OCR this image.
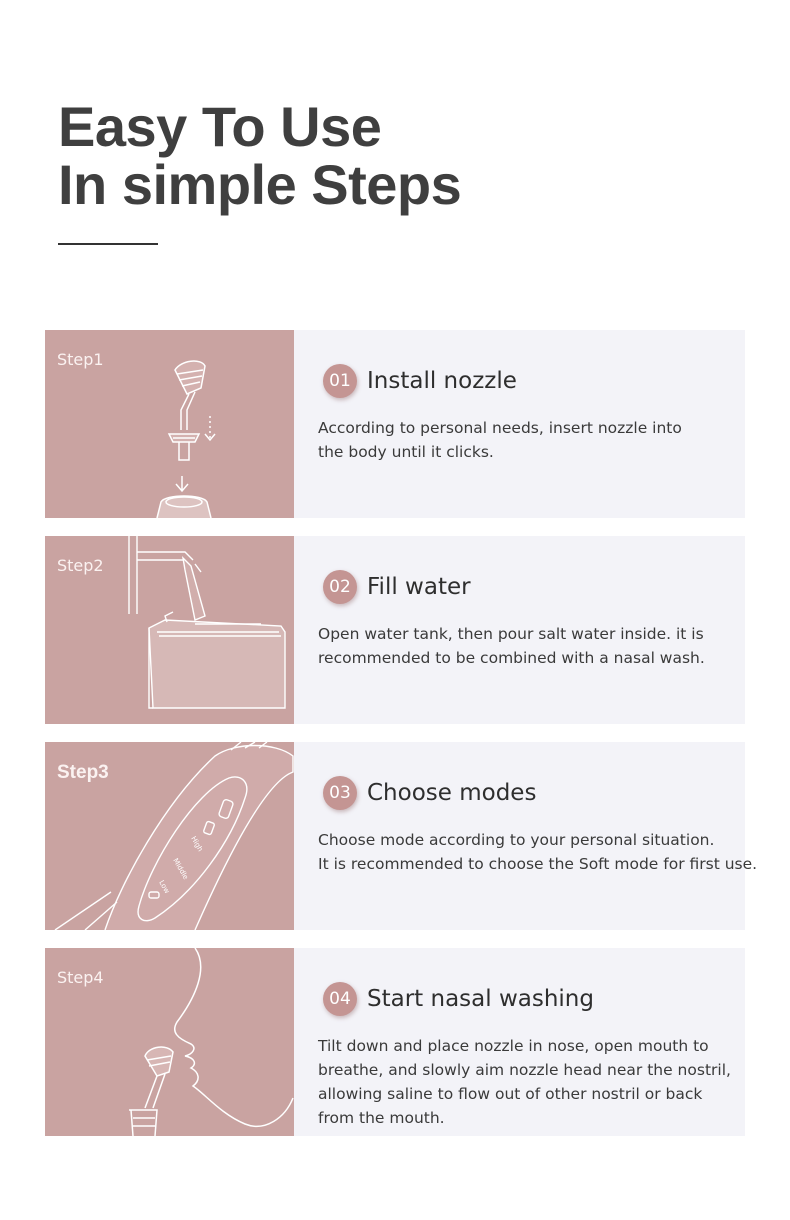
Easy To Use
In simple Steps
Step1
01 Install nozzle

According to personal needs, insert nozzle into
the body until it clicks.

Step2
02 Fill water

Open water tank, then pour salt water inside. it is
recommended to be combined with a nasal wash.

Step3
High
Middle
Low
03 Choose modes

Choose mode according to your personal situation.
It is recommended to choose the Soft mode for first use.

Step4
04 Start nasal washing

Tilt down and place nozzle in nose, open mouth to
breathe, and slowly aim nozzle head near the nostril,
allowing saline to flow out of other nostril or back
from the mouth.
